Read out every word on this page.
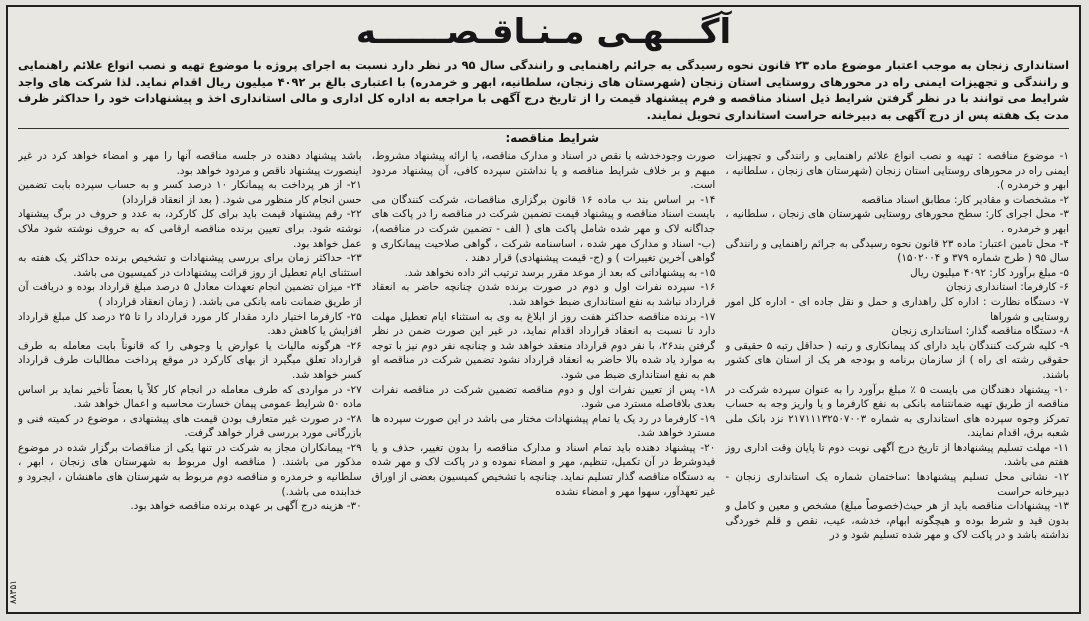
آگـــهـی مـنـاقـصــــــه
استانداری زنجان به موجب اعتبار موضوع ماده ۲۳ قانون نحوه رسیدگی به جرائم راهنمایی و رانندگی سال ۹۵ در نظر دارد نسبت به اجرای پروژه با موضوع تهیه و نصب انواع علائم راهنمایی و رانندگی و تجهیزات ایمنی راه در محورهای روستایی استان زنجان (شهرستان های زنجان، سلطانیه، ابهر و خرمدره) با اعتباری بالغ بر ۴۰۹۲ میلیون ریال اقدام نماید. لذا شرکت های واجد شرایط می توانند با در نظر گرفتن شرایط ذیل اسناد مناقصه و فرم پیشنهاد قیمت را از تاریخ درج آگهی با مراجعه به اداره کل اداری و مالی استانداری اخذ و پیشنهادات خود را حداکثر ظرف مدت یک هفته پس از درج آگهی به دبیرخانه حراست استانداری تحویل نمایند.
شرایط مناقصه:

۱- موضوع مناقصه : تهیه و نصب انواع علائم راهنمایی و رانندگی و تجهیزات ایمنی راه در محورهای روستایی استان زنجان (شهرستان های زنجان ، سلطانیه ، ابهر و خرمدره ).

۲- مشخصات و مقادیر کار: مطابق اسناد مناقصه

۳- محل اجرای کار: سطح محورهای روستایی شهرستان های زنجان ، سلطانیه ، ابهر و خرمدره .

۴- محل تامین اعتبار: ماده ۲۳ قانون نحوه رسیدگی به جرائم راهنمایی و رانندگی سال ۹۵ ( طرح شماره ۳۷۹ و ۱۵۰۲۰۰۴)

۵- مبلغ برآورد کار: ۴۰۹۲ میلیون ریال

۶- کارفرما: استانداری زنجان

۷- دستگاه نظارت : اداره کل راهداری و حمل و نقل جاده ای - اداره کل امور روستایی و شوراها

۸- دستگاه مناقصه گذار: استانداری زنجان

۹- کلیه شرکت کنندگان باید دارای کد پیمانکاری و رتبه ( حداقل رتبه ۵ حقیقی و حقوقی رشته ای راه ) از سازمان برنامه و بودجه هر یک از استان های کشور باشند.

۱۰- پیشنهاد دهندگان می بایست ۵ ٪ مبلغ برآورد را به عنوان سپرده شرکت در مناقصه از طریق تهیه ضمانتنامه بانکی به نفع کارفرما و یا واریز وجه به حساب تمرکز وجوه سپرده های استانداری به شماره ۲۱۷۱۱۱۳۲۵۰۷۰۰۳ نزد بانک ملی شعبه برق، اقدام نمایند.

۱۱- مهلت تسلیم پیشنهادها از تاریخ درج آگهی نوبت دوم تا پایان وقت اداری روز هفتم می باشد.

۱۲- نشانی محل تسلیم پیشنهادها :ساختمان شماره یک استانداری زنجان - دبیرخانه حراست

۱۳- پیشنهادات مناقصه باید از هر حیث(خصوصاً مبلغ) مشخص و معین و کامل و بدون قید و شرط بوده و هیچگونه ابهام، خدشه، عیب، نقص و قلم خوردگی نداشته باشد و در پاکت لاک و مهر شده تسلیم شود و در

صورت وجودخدشه یا نقص در اسناد و مدارک مناقصه، یا ارائه پیشنهاد مشروط، مبهم و بر خلاف شرایط مناقصه و یا نداشتن سپرده کافی، آن پیشنهاد مردود است.

۱۴- بر اساس بند ب ماده ۱۶ قانون برگزاری مناقصات، شرکت کنندگان می بایست اسناد مناقصه و پیشنهاد قیمت تضمین شرکت در مناقصه را در پاکت های جداگانه لاک و مهر شده شامل پاکت های ( الف - تضمین شرکت در مناقصه)، (ب- اسناد و مدارک مهر شده ، اساسنامه شرکت ، گواهی صلاحیت پیمانکاری و گواهی آخرین تغییرات ) و (ج- قیمت پیشنهادی) قرار دهند .

۱۵- به پیشنهاداتی که بعد از موعد مقرر برسد ترتیب اثر داده نخواهد شد.

۱۶- سپرده نفرات اول و دوم در صورت برنده شدن چنانچه حاضر به انعقاد قرارداد نباشد به نفع استانداری ضبط خواهد شد.

۱۷- برنده مناقصه حداکثر هفت روز از ابلاغ به وی به استثناء ایام تعطیل مهلت دارد تا نسبت به انعقاد قرارداد اقدام نماید، در غیر این صورت ضمن در نظر گرفتن بند۲۶، با نفر دوم قرارداد منعقد خواهد شد و چنانچه نفر دوم نیز با توجه به موارد یاد شده بالا حاضر به انعقاد قرارداد نشود تضمین شرکت در مناقصه او هم به نفع استانداری ضبط می شود.

۱۸- پس از تعیین نفرات اول و دوم مناقصه تضمین شرکت در مناقصه نفرات بعدی بلافاصله مسترد می شود.

۱۹- کارفرما در رد یک یا تمام پیشنهادات مختار می باشد در این صورت سپرده ها مسترد خواهد شد.

۲۰- پیشنهاد دهنده باید تمام اسناد و مدارک مناقصه را بدون تغییر، حذف و یا قیدوشرط در آن تکمیل، تنظیم، مهر و امضاء نموده و در پاکت لاک و مهر شده به دستگاه مناقصه گذار تسلیم نماید. چنانچه با تشخیص کمیسیون بعضی از اوراق غیر تعهدآور، سهوا مهر و امضاء نشده

باشد پیشنهاد دهنده در جلسه مناقصه آنها را مهر و امضاء خواهد کرد در غیر اینصورت پیشنهاد ناقص و مردود خواهد بود.

۲۱- از هر پرداخت به پیمانکار ۱۰ درصد کسر و به حساب سپرده بابت تضمین حسن انجام کار منظور می شود. ( بعد از انعقاد قرارداد)

۲۲- رقم پیشنهاد قیمت باید برای کل کارکرد، به عدد و حروف در برگ پیشنهاد نوشته شود. برای تعیین برنده مناقصه ارقامی که به حروف نوشته شود ملاک عمل خواهد بود.

۲۳- حداکثر زمان برای بررسی پیشنهادات و تشخیص برنده حداکثر یک هفته به استثنای ایام تعطیل از روز قرائت پیشنهادات در کمیسیون می باشد.

۲۴- میزان تضمین انجام تعهدات معادل ۵ درصد مبلغ قرارداد بوده و دریافت آن از طریق ضمانت نامه بانکی می باشد. ( زمان انعقاد قرارداد )

۲۵- کارفرما اختیار دارد مقدار کار مورد قرارداد را تا ۲۵ درصد کل مبلغ قرارداد افزایش یا کاهش دهد.

۲۶- هرگونه مالیات یا عوارض یا وجوهی را که قانوناً بابت معامله به طرف قرارداد تعلق میگیرد از بهای کارکرد در موقع پرداخت مطالبات طرف قرارداد کسر خواهد شد.

۲۷- در مواردی که طرف معامله در انجام کار کلاً یا بعضاً تأخیر نماید بر اساس ماده ۵۰ شرایط عمومی پیمان خسارت محاسبه و اعمال خواهد شد.

۲۸- در صورت غیر متعارف بودن قیمت های پیشنهادی ، موضوع در کمیته فنی و بازرگانی مورد بررسی قرار خواهد گرفت.

۲۹- پیمانکاران مجاز به شرکت در تنها یکی از مناقصات برگزار شده در موضوع مذکور می باشند. ( مناقصه اول مربوط به شهرستان های زنجان ، ابهر ، سلطانیه و خرمدره و مناقصه دوم مربوط به شهرستان های ماهنشان ، ایجرود و خدابنده می باشد.)

۳۰- هزینه درج آگهی بر عهده برنده مناقصه خواهد بود.

۸۸۳۵۱
